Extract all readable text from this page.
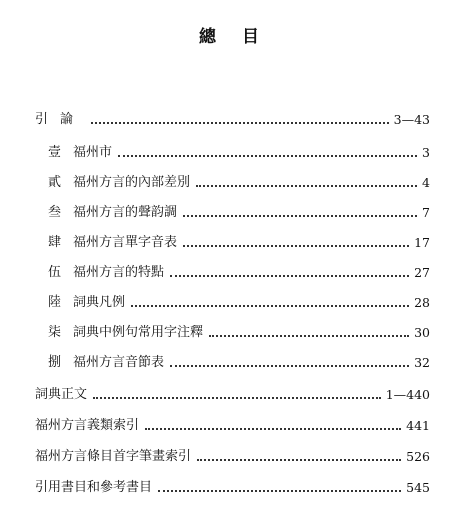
總目
引論	3—43
壹 福州市	3
貳 福州方言的內部差別	4
叁 福州方言的聲韵調	7
肆 福州方言單字音表	17
伍 福州方言的特點	27
陸 詞典凡例	28
柒 詞典中例句常用字注釋	30
捌 福州方言音節表	32
詞典正文	1—440
福州方言義類索引	441
福州方言條目首字筆畫索引	526
引用書目和參考書目	545
